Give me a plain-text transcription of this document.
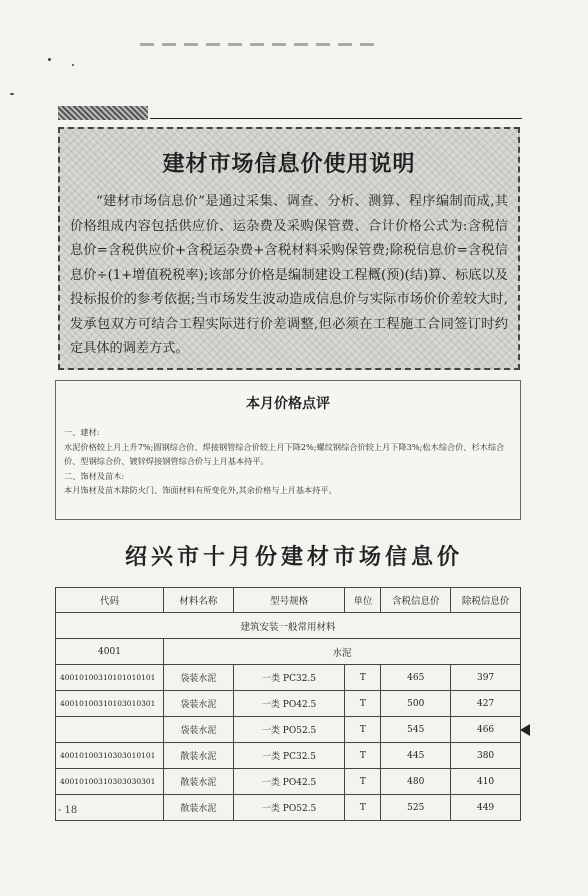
建材市场信息价使用说明

“建材市场信息价”是通过采集、调查、分析、测算、程序编制而成,其价格组成内容包括供应价、运杂费及采购保管费、合计价格公式为:含税信息价=含税供应价+含税运杂费+含税材料采购保管费;除税信息价=含税信息价÷(1+增值税税率);该部分价格是编制建设工程概(预)(结)算、标底以及投标报价的参考依据;当市场发生波动造成信息价与实际市场价价差较大时,发承包双方可结合工程实际进行价差调整,但必须在工程施工合同签订时约定具体的调差方式。

本月价格点评

一、建材:

水泥价格较上月上升7%;圆钢综合价、焊接钢管综合价较上月下降2%;螺纹钢综合价较上月下降3%;松木综合价、杉木综合价、型钢综合价、镀锌焊接钢管综合价与上月基本持平。

二、饰材及苗木:

本月饰材及苗木除防火门、饰面材料有所变化外,其余价格与上月基本持平。

绍兴市十月份建材市场信息价
代码	材料名称	型号规格	单位	含税信息价	除税信息价
建筑安装一般常用材料					
4001	水泥				
40010100310101010101	袋装水泥	一类 PC32.5	T	465	397
40010100310103010301	袋装水泥	一类 PO42.5	T	500	427
	袋装水泥	一类 PO52.5	T	545	466
40010100310303010101	散装水泥	一类 PC32.5	T	445	380
40010100310303030301	散装水泥	一类 PO42.5	T	480	410
	散装水泥	一类 PO52.5	T	525	449
- 18
